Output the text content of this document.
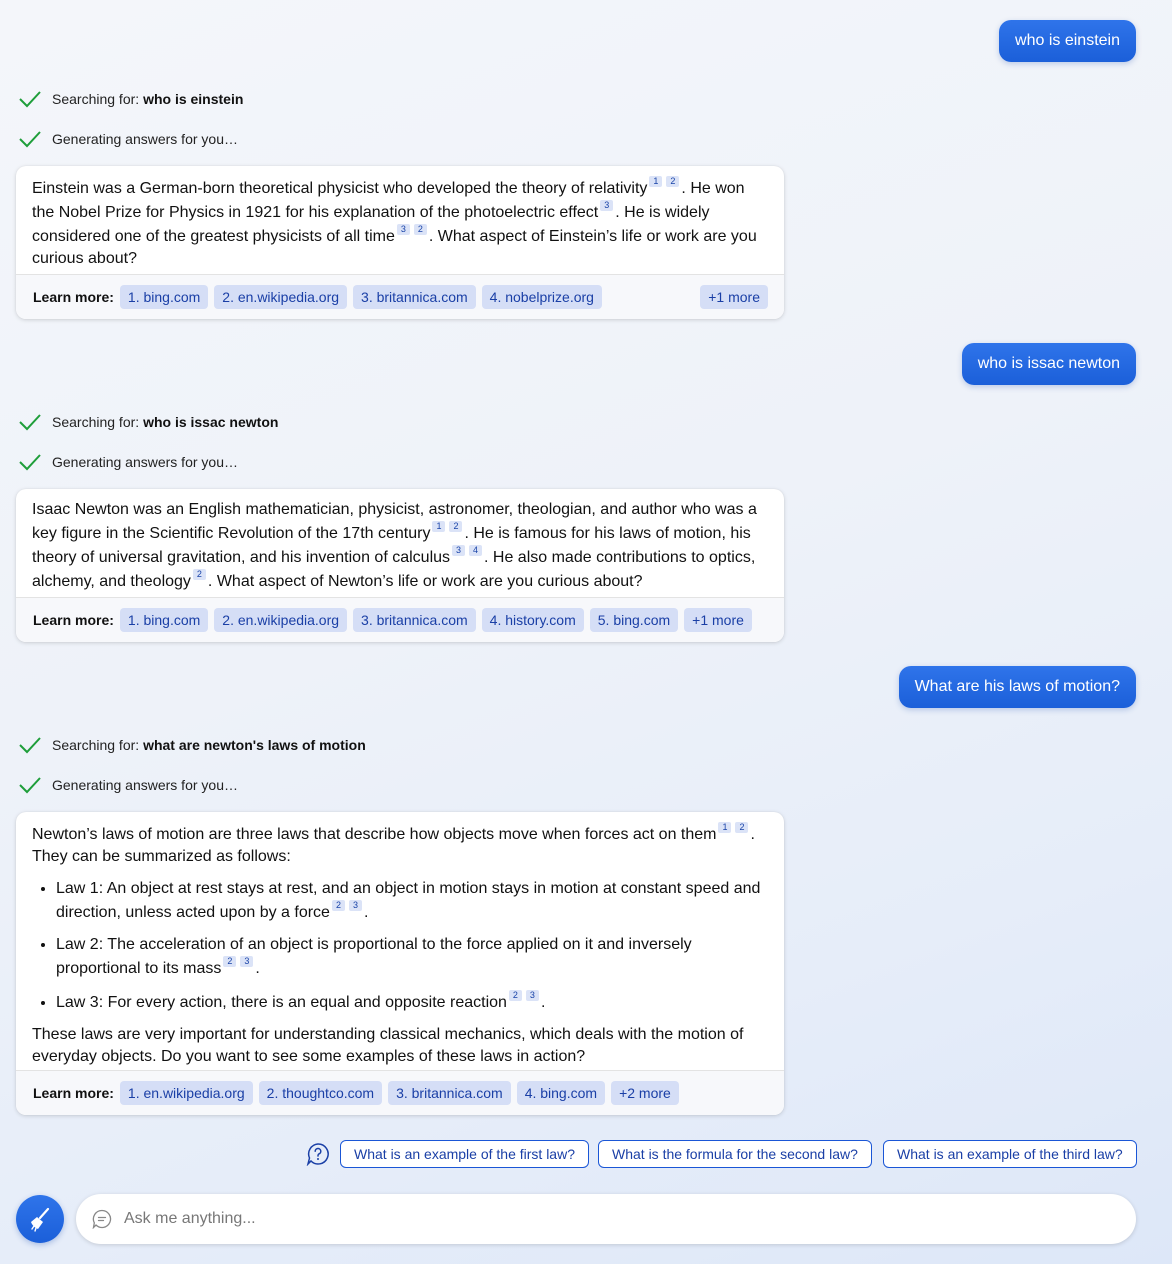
who is einstein
Searching for: who is einstein
Generating answers for you…

Einstein was a German-born theoretical physicist who developed the theory of relativity 1 2 . He won the Nobel Prize for Physics in 1921 for his explanation of the photoelectric effect 3 . He is widely considered one of the greatest physicists of all time 3 2 . What aspect of Einstein’s life or work are you curious about?

Learn more:	1. bing.com	2. en.wikipedia.org	3. britannica.com	4. nobelprize.org	+1 more
who is issac newton
Searching for: who is issac newton
Generating answers for you…

Isaac Newton was an English mathematician, physicist, astronomer, theologian, and author who was a key figure in the Scientific Revolution of the 17th century 1 2 . He is famous for his laws of motion, his theory of universal gravitation, and his invention of calculus 3 4 . He also made contributions to optics, alchemy, and theology 2 . What aspect of Newton’s life or work are you curious about?

Learn more:	1. bing.com	2. en.wikipedia.org	3. britannica.com	4. history.com	5. bing.com	+1 more
What are his laws of motion?
Searching for: what are newton's laws of motion
Generating answers for you…

Newton’s laws of motion are three laws that describe how objects move when forces act on them 1 2 . They can be summarized as follows:

• Law 1: An object at rest stays at rest, and an object in motion stays in motion at constant speed and direction, unless acted upon by a force 2 3 .
• Law 2: The acceleration of an object is proportional to the force applied on it and inversely proportional to its mass 2 3 .
• Law 3: For every action, there is an equal and opposite reaction 2 3 .

These laws are very important for understanding classical mechanics, which deals with the motion of everyday objects. Do you want to see some examples of these laws in action?

Learn more:	1. en.wikipedia.org	2. thoughtco.com	3. britannica.com	4. bing.com	+2 more
What is an example of the first law?	What is the formula for the second law?	What is an example of the third law?
Ask me anything...
